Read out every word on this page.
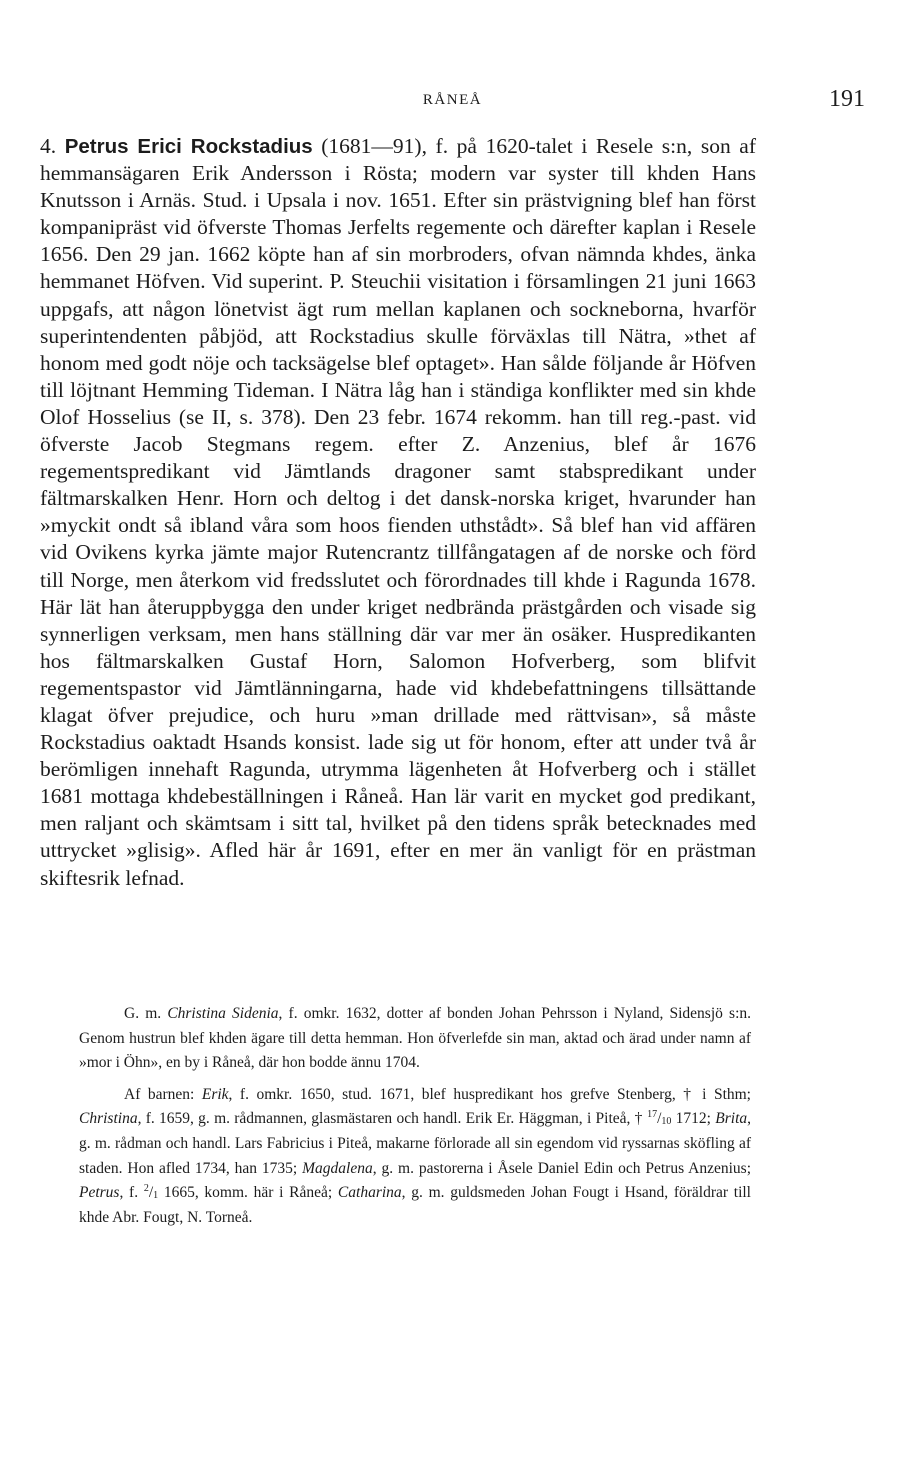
RÅNEÅ	191

4. Petrus Erici Rockstadius (1681—91), f. på 1620-talet i Resele s:n, son af hemmansägaren Erik Andersson i Rösta; modern var syster till khden Hans Knutsson i Arnäs. Stud. i Upsala i nov. 1651. Efter sin prästvigning blef han först kompanipräst vid öfverste Thomas Jerfelts regemente och därefter kaplan i Resele 1656. Den 29 jan. 1662 köpte han af sin morbroders, ofvan nämnda khdes, änka hemmanet Höfven. Vid superint. P. Steuchii visitation i församlingen 21 juni 1663 uppgafs, att någon lönetvist ägt rum mellan kaplanen och sockneborna, hvarför superintendenten påbjöd, att Rockstadius skulle förväxlas till Nätra, »thet af honom med godt nöje och tacksägelse blef optaget». Han sålde följande år Höfven till löjtnant Hemming Tideman. I Nätra låg han i ständiga konflikter med sin khde Olof Hosselius (se II, s. 378). Den 23 febr. 1674 rekomm. han till reg.-past. vid öfverste Jacob Stegmans regem. efter Z. Anzenius, blef år 1676 regementspredikant vid Jämtlands dragoner samt stabspredikant under fältmarskalken Henr. Horn och deltog i det dansk-norska kriget, hvarunder han »myckit ondt så ibland våra som hoos fienden uthstådt». Så blef han vid affären vid Ovikens kyrka jämte major Rutencrantz tillfångatagen af de norske och förd till Norge, men återkom vid fredsslutet och förordnades till khde i Ragunda 1678. Här lät han återuppbygga den under kriget nedbrända prästgården och visade sig synnerligen verksam, men hans ställning där var mer än osäker. Huspredikanten hos fältmarskalken Gustaf Horn, Salomon Hofverberg, som blifvit regementspastor vid Jämtlänningarna, hade vid khdebefattningens tillsättande klagat öfver prejudice, och huru »man drillade med rättvisan», så måste Rockstadius oaktadt Hsands konsist. lade sig ut för honom, efter att under två år berömligen innehaft Ragunda, utrymma lägenheten åt Hofverberg och i stället 1681 mottaga khdebeställningen i Råneå. Han lär varit en mycket god predikant, men raljant och skämtsam i sitt tal, hvilket på den tidens språk betecknades med uttrycket »glisig». Afled här år 1691, efter en mer än vanligt för en prästman skiftesrik lefnad.

G. m. Christina Sidenia, f. omkr. 1632, dotter af bonden Johan Pehrsson i Nyland, Sidensjö s:n. Genom hustrun blef khden ägare till detta hemman. Hon öfverlefde sin man, aktad och ärad under namn af »mor i Öhn», en by i Råneå, där hon bodde ännu 1704.

Af barnen: Erik, f. omkr. 1650, stud. 1671, blef huspredikant hos grefve Stenberg, † i Sthm; Christina, f. 1659, g. m. rådmannen, glasmästaren och handl. Erik Er. Häggman, i Piteå, † $^{17}/_{10}$ 1712; Brita, g. m. rådman och handl. Lars Fabricius i Piteå, makarne förlorade all sin egendom vid ryssarnas sköfling af staden. Hon afled 1734, han 1735; Magdalena, g. m. pastorerna i Åsele Daniel Edin och Petrus Anzenius; Petrus, f. $^2/_1$ 1665, komm. här i Råneå; Catharina, g. m. guldsmeden Johan Fougt i Hsand, föräldrar till khde Abr. Fougt, N. Torneå.
